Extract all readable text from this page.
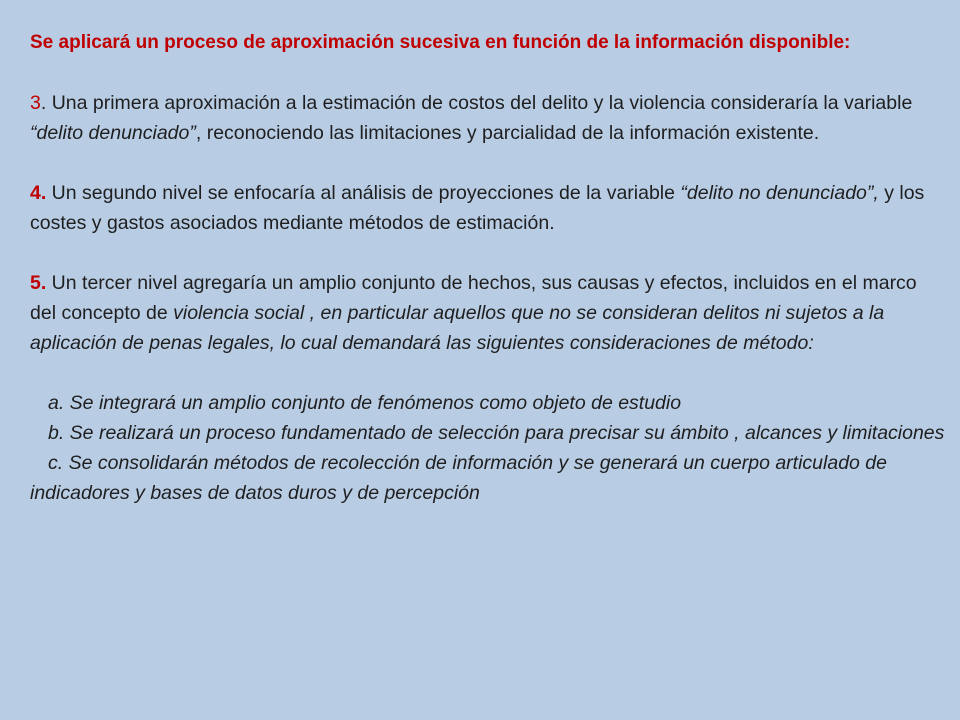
Se aplicará un proceso de aproximación sucesiva en función de la información disponible:
3. Una primera aproximación a la estimación de costos del delito y la violencia consideraría la variable “delito denunciado”, reconociendo las limitaciones y parcialidad de la información existente.
4. Un segundo nivel se enfocaría al análisis de proyecciones de la variable “delito no denunciado”, y los costes y gastos asociados mediante métodos de estimación.
5. Un tercer nivel agregaría un amplio conjunto de hechos, sus causas y efectos, incluidos en el marco del concepto de violencia social , en particular aquellos que no se consideran delitos ni sujetos a la aplicación de penas legales, lo cual demandará las siguientes consideraciones de método:
a. Se integrará un amplio conjunto de fenómenos como objeto de estudio
b. Se realizará un proceso fundamentado de selección para precisar su ámbito , alcances y limitaciones
c. Se consolidarán métodos de recolección de información y se generará un cuerpo articulado de indicadores y bases de datos duros y de percepción
